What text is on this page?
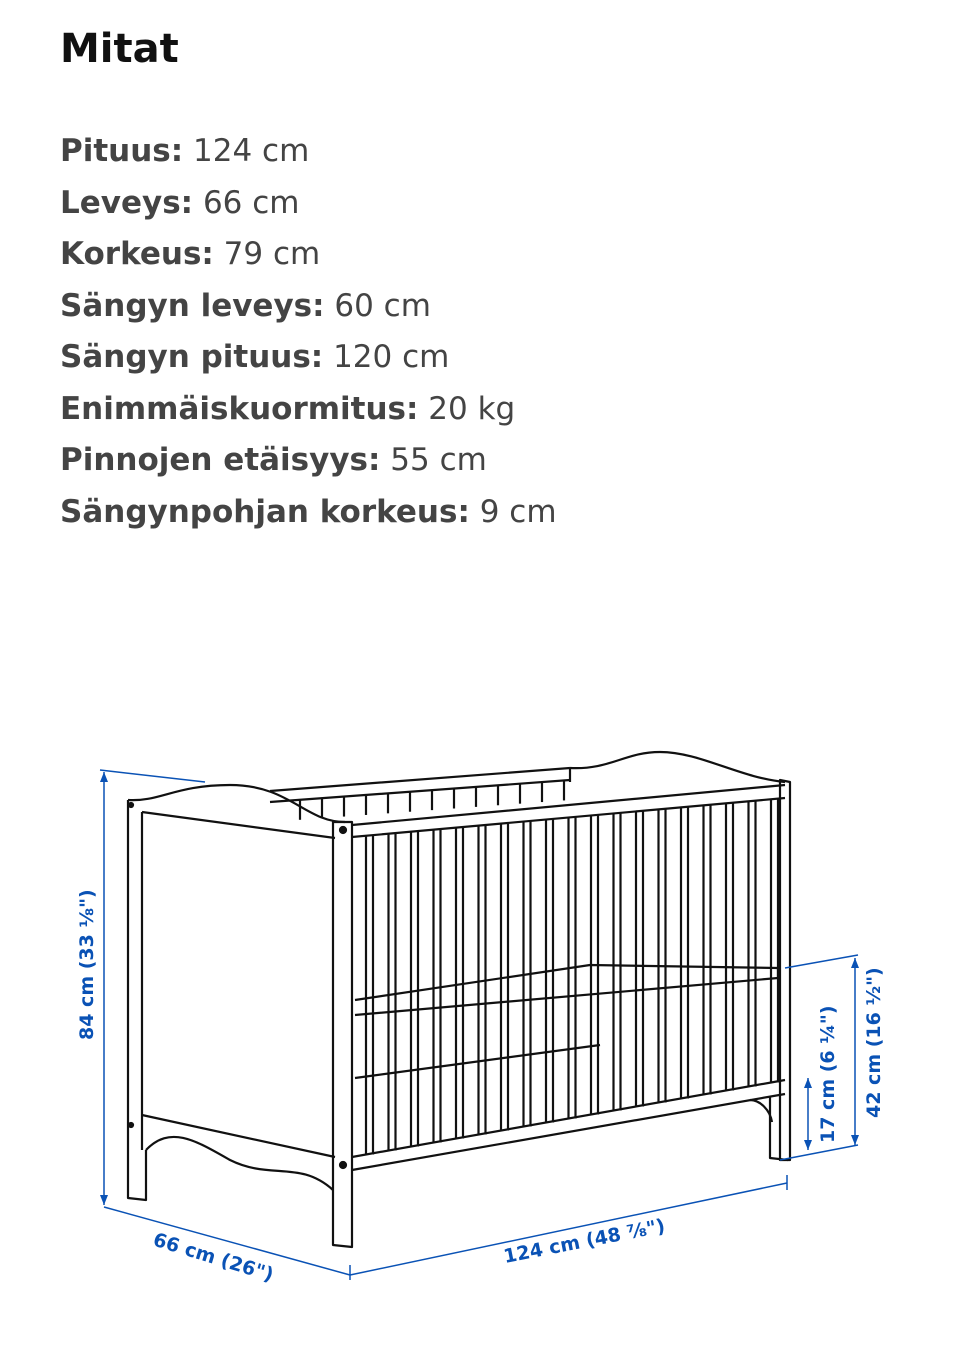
Mitat
Pituus: 124 cm
Leveys: 66 cm
Korkeus: 79 cm
Sängyn leveys: 60 cm
Sängyn pituus: 120 cm
Enimmäiskuormitus: 20 kg
Pinnojen etäisyys: 55 cm
Sängynpohjan korkeus: 9 cm
84 cm (33 ⅛")
66 cm (26")	124 cm (48 ⅞")
17 cm (6 ¼") 42 cm (16 ½")
